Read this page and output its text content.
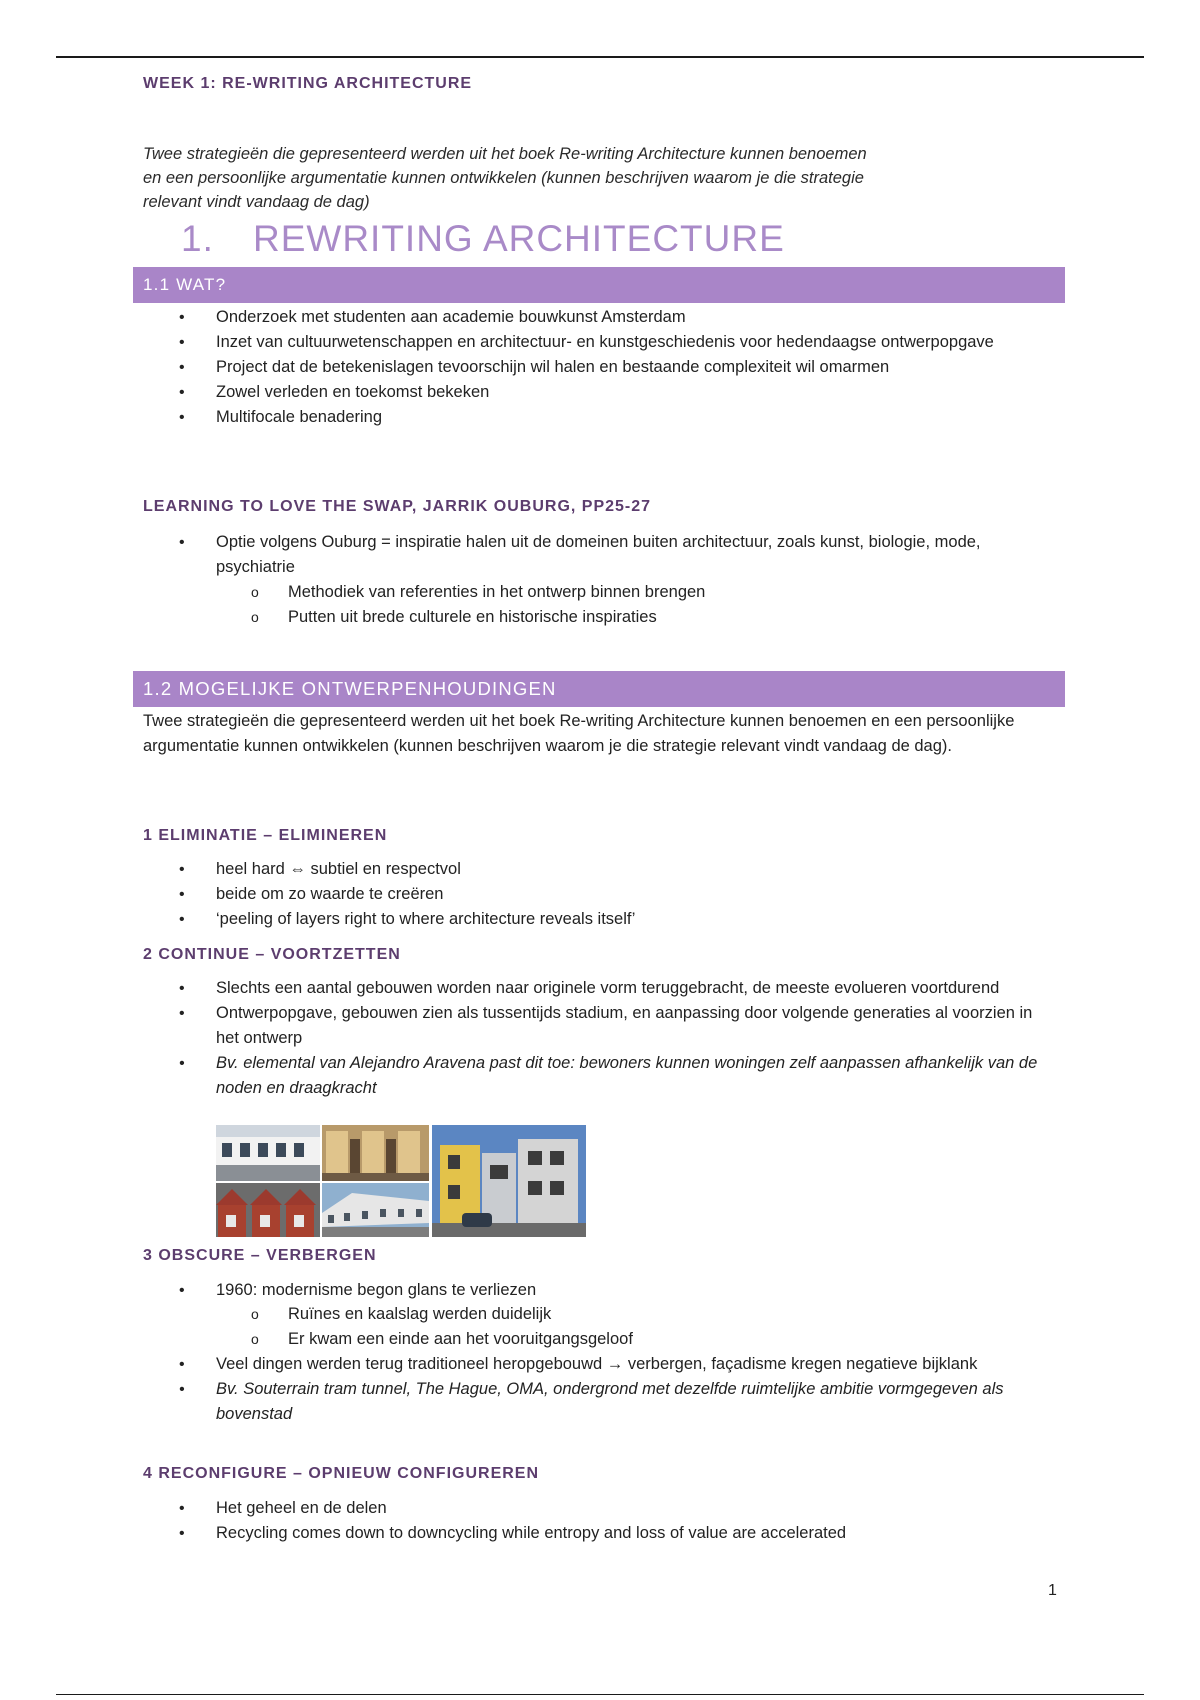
WEEK 1: RE-WRITING ARCHITECTURE
Twee strategieën die gepresenteerd werden uit het boek Re-writing Architecture kunnen benoemen en een persoonlijke argumentatie kunnen ontwikkelen (kunnen beschrijven waarom je die strategie relevant vindt vandaag de dag)
1. REWRITING ARCHITECTURE
1.1 WAT?
• Onderzoek met studenten aan academie bouwkunst Amsterdam
• Inzet van cultuurwetenschappen en architectuur- en kunstgeschiedenis voor hedendaagse ontwerpopgave
• Project dat de betekenislagen tevoorschijn wil halen en bestaande complexiteit wil omarmen
• Zowel verleden en toekomst bekeken
• Multifocale benadering
LEARNING TO LOVE THE SWAP, JARRIK OUBURG, PP25-27
• Optie volgens Ouburg = inspiratie halen uit de domeinen buiten architectuur, zoals kunst, biologie, mode, psychiatrie
o Methodiek van referenties in het ontwerp binnen brengen
o Putten uit brede culturele en historische inspiraties
1.2 MOGELIJKE ONTWERPENHOUDINGEN
Twee strategieën die gepresenteerd werden uit het boek Re-writing Architecture kunnen benoemen en een persoonlijke argumentatie kunnen ontwikkelen (kunnen beschrijven waarom je die strategie relevant vindt vandaag de dag).
1 ELIMINATIE – ELIMINEREN
• heel hard ⇔ subtiel en respectvol
• beide om zo waarde te creëren
• ‘peeling of layers right to where architecture reveals itself’
2 CONTINUE – VOORTZETTEN
• Slechts een aantal gebouwen worden naar originele vorm teruggebracht, de meeste evolueren voortdurend
• Ontwerpopgave, gebouwen zien als tussentijds stadium, en aanpassing door volgende generaties al voorzien in het ontwerp
• Bv. elemental van Alejandro Aravena past dit toe: bewoners kunnen woningen zelf aanpassen afhankelijk van de noden en draagkracht
3 OBSCURE – VERBERGEN
• 1960: modernisme begon glans te verliezen
o Ruïnes en kaalslag werden duidelijk
o Er kwam een einde aan het vooruitgangsgeloof
• Veel dingen werden terug traditioneel heropgebouwd → verbergen, façadisme kregen negatieve bijklank
• Bv. Souterrain tram tunnel, The Hague, OMA, ondergrond met dezelfde ruimtelijke ambitie vormgegeven als bovenstad
4 RECONFIGURE – OPNIEUW CONFIGUREREN
• Het geheel en de delen
• Recycling comes down to downcycling while entropy and loss of value are accelerated
1
